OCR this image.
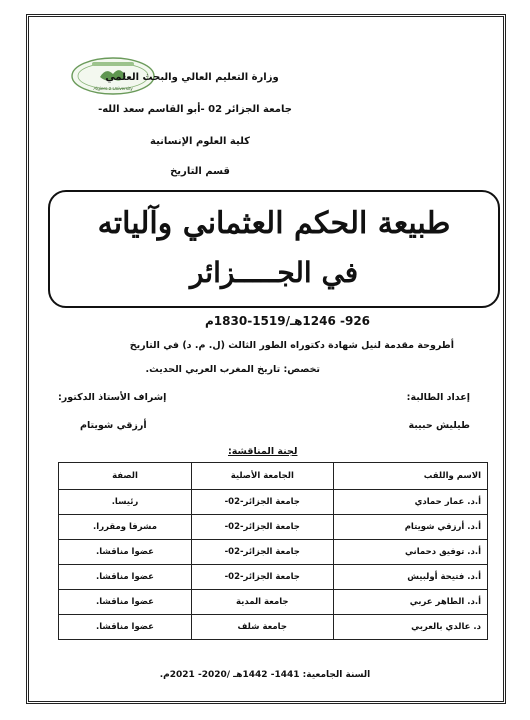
Algiers 2 University
وزارة التعليم العالي والبحث العلمي
جامعة الجزائر 02 -أبو القاسم سعد الله-
كلية العلوم الإنسانية
قسم التاريخ
طبيعة الحكم العثماني وآلياته
في الجـــــزائر
926- 1246هـ/1519-1830م
أطروحة مقدمة لنيل شهادة دكتوراه الطور الثالث (ل. م. د) في التاريخ
تخصص: تاريخ المغرب العربي الحديث.
إعداد الطالبة:
إشراف الأستاذ الدكتور:
طيليش حبيبة
أرزقي شويتام
لجنة المناقشة:
الاسم واللقب	الجامعة الأصلية	الصفة
أ.د. عمار حمادي	جامعة الجزائر-02-	رئيسا.
أ.د. أرزقي شويتام	جامعة الجزائر-02-	مشرفا ومقررا.
أ.د. توفيق دحماني	جامعة الجزائر-02-	عضوا مناقشا.
أ.د. فتيحة أولبيش	جامعة الجزائر-02-	عضوا مناقشا.
أ.د. الطاهر عربي	جامعة المدية	عضوا مناقشا.
د. عالدي بالعربي	جامعة شلف	عضوا مناقشا.
السنة الجامعية: 1441- 1442هـ /2020- 2021م.
